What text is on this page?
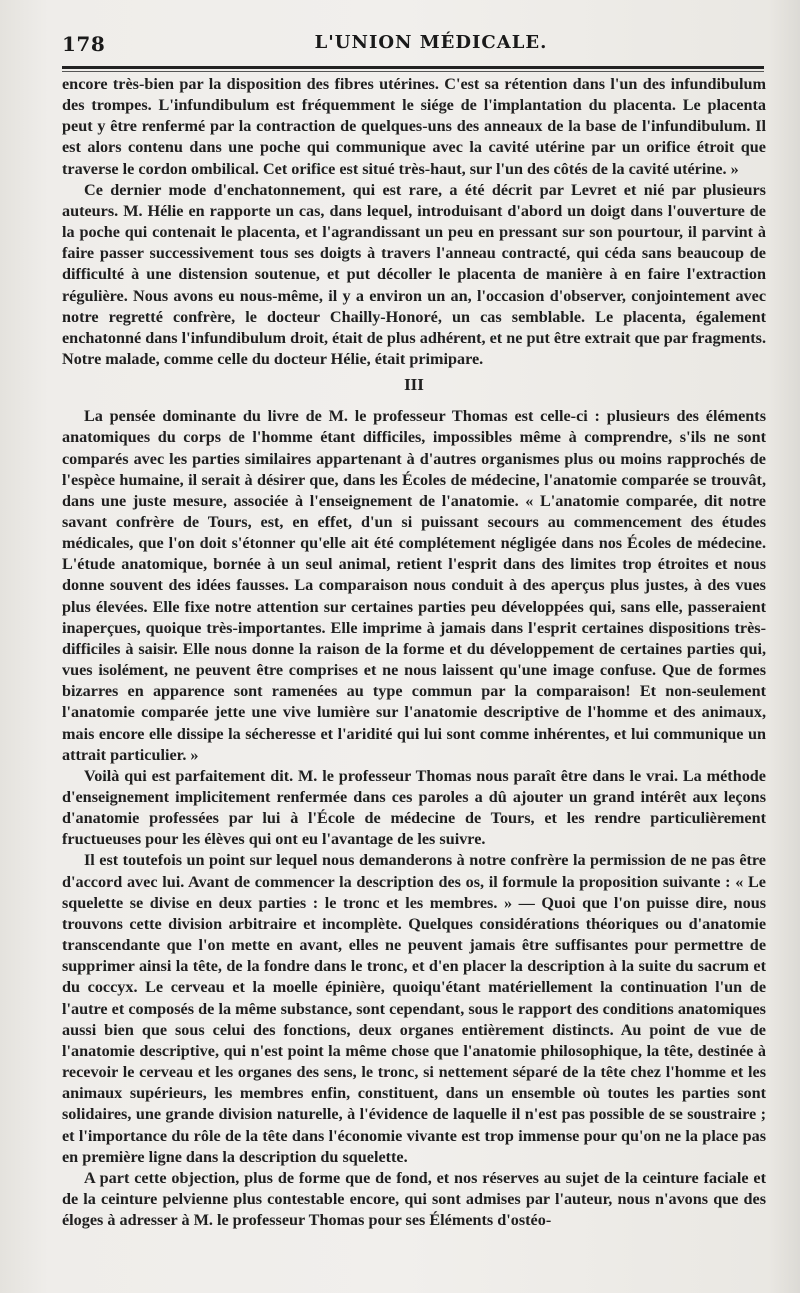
178	L'UNION MÉDICALE.

encore très-bien par la disposition des fibres utérines. C'est sa rétention dans l'un des infundibulum des trompes. L'infundibulum est fréquemment le siége de l'implantation du placenta. Le placenta peut y être renfermé par la contraction de quelques-uns des anneaux de la base de l'infundibulum. Il est alors contenu dans une poche qui communique avec la cavité utérine par un orifice étroit que traverse le cordon ombilical. Cet orifice est situé très-haut, sur l'un des côtés de la cavité utérine. »

Ce dernier mode d'enchatonnement, qui est rare, a été décrit par Levret et nié par plusieurs auteurs. M. Hélie en rapporte un cas, dans lequel, introduisant d'abord un doigt dans l'ouverture de la poche qui contenait le placenta, et l'agrandissant un peu en pressant sur son pourtour, il parvint à faire passer successivement tous ses doigts à travers l'anneau contracté, qui céda sans beaucoup de difficulté à une distension soutenue, et put décoller le placenta de manière à en faire l'extraction régulière. Nous avons eu nous-même, il y a environ un an, l'occasion d'observer, conjointement avec notre regretté confrère, le docteur Chailly-Honoré, un cas semblable. Le placenta, également enchatonné dans l'infundibulum droit, était de plus adhérent, et ne put être extrait que par fragments. Notre malade, comme celle du docteur Hélie, était primipare.

III

La pensée dominante du livre de M. le professeur Thomas est celle-ci : plusieurs des éléments anatomiques du corps de l'homme étant difficiles, impossibles même à comprendre, s'ils ne sont comparés avec les parties similaires appartenant à d'autres organismes plus ou moins rapprochés de l'espèce humaine, il serait à désirer que, dans les Écoles de médecine, l'anatomie comparée se trouvât, dans une juste mesure, associée à l'enseignement de l'anatomie. « L'anatomie comparée, dit notre savant confrère de Tours, est, en effet, d'un si puissant secours au commencement des études médicales, que l'on doit s'étonner qu'elle ait été complétement négligée dans nos Écoles de médecine. L'étude anatomique, bornée à un seul animal, retient l'esprit dans des limites trop étroites et nous donne souvent des idées fausses. La comparaison nous conduit à des aperçus plus justes, à des vues plus élevées. Elle fixe notre attention sur certaines parties peu développées qui, sans elle, passeraient inaperçues, quoique très-importantes. Elle imprime à jamais dans l'esprit certaines dispositions très-difficiles à saisir. Elle nous donne la raison de la forme et du développement de certaines parties qui, vues isolément, ne peuvent être comprises et ne nous laissent qu'une image confuse. Que de formes bizarres en apparence sont ramenées au type commun par la comparaison! Et non-seulement l'anatomie comparée jette une vive lumière sur l'anatomie descriptive de l'homme et des animaux, mais encore elle dissipe la sécheresse et l'aridité qui lui sont comme inhérentes, et lui communique un attrait particulier. »

Voilà qui est parfaitement dit. M. le professeur Thomas nous paraît être dans le vrai. La méthode d'enseignement implicitement renfermée dans ces paroles a dû ajouter un grand intérêt aux leçons d'anatomie professées par lui à l'École de médecine de Tours, et les rendre particulièrement fructueuses pour les élèves qui ont eu l'avantage de les suivre.

Il est toutefois un point sur lequel nous demanderons à notre confrère la permission de ne pas être d'accord avec lui. Avant de commencer la description des os, il formule la proposition suivante : « Le squelette se divise en deux parties : le tronc et les membres. » — Quoi que l'on puisse dire, nous trouvons cette division arbitraire et incomplète. Quelques considérations théoriques ou d'anatomie transcendante que l'on mette en avant, elles ne peuvent jamais être suffisantes pour permettre de supprimer ainsi la tête, de la fondre dans le tronc, et d'en placer la description à la suite du sacrum et du coccyx. Le cerveau et la moelle épinière, quoiqu'étant matériellement la continuation l'un de l'autre et composés de la même substance, sont cependant, sous le rapport des conditions anatomiques aussi bien que sous celui des fonctions, deux organes entièrement distincts. Au point de vue de l'anatomie descriptive, qui n'est point la même chose que l'anatomie philosophique, la tête, destinée à recevoir le cerveau et les organes des sens, le tronc, si nettement séparé de la tête chez l'homme et les animaux supérieurs, les membres enfin, constituent, dans un ensemble où toutes les parties sont solidaires, une grande division naturelle, à l'évidence de laquelle il n'est pas possible de se soustraire ; et l'importance du rôle de la tête dans l'économie vivante est trop immense pour qu'on ne la place pas en première ligne dans la description du squelette.

A part cette objection, plus de forme que de fond, et nos réserves au sujet de la ceinture faciale et de la ceinture pelvienne plus contestable encore, qui sont admises par l'auteur, nous n'avons que des éloges à adresser à M. le professeur Thomas pour ses Éléments d'ostéo-
